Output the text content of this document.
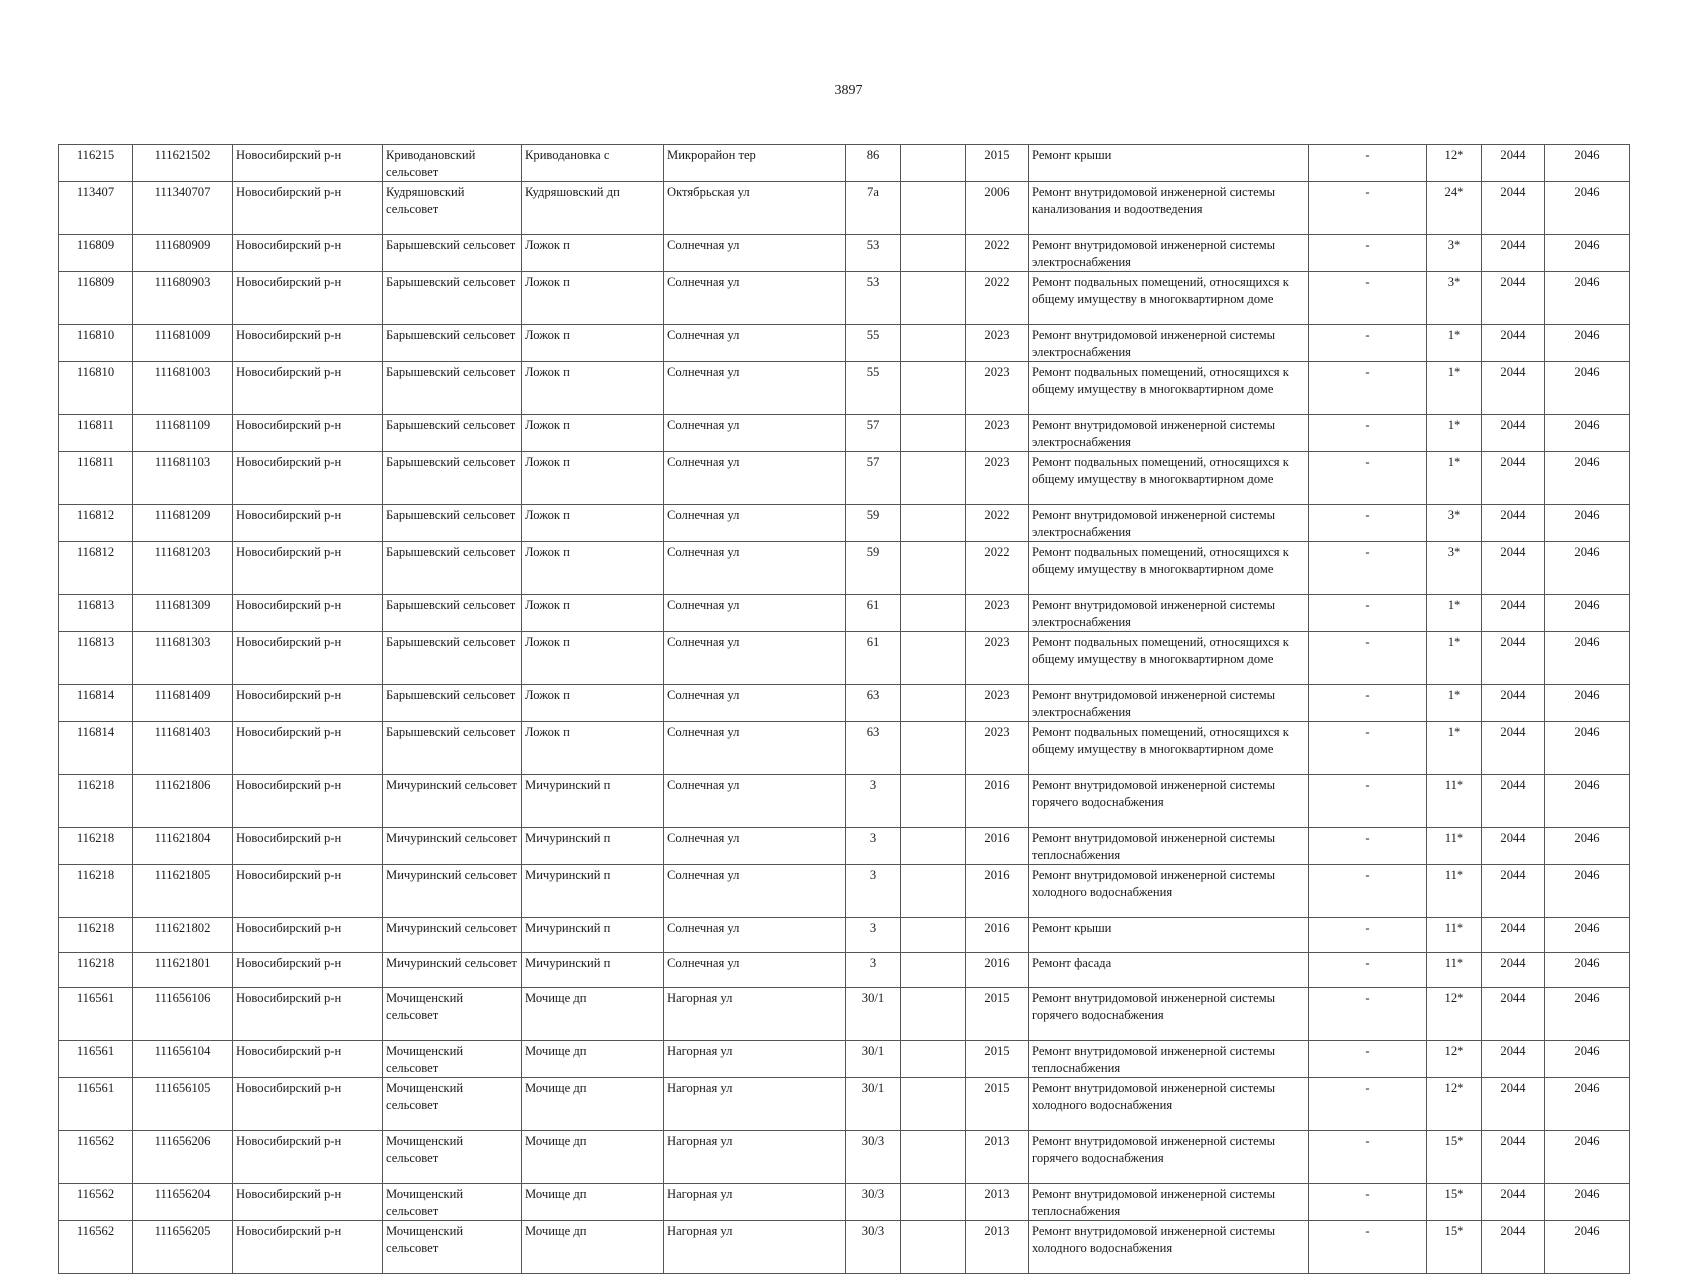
3897
116215	111621502	Новосибирский р-н	Криводановский сельсовет	Криводановка с	Микрорайон тер	86		2015	Ремонт крыши	-	12*	2044	2046
113407	111340707	Новосибирский р-н	Кудряшовский сельсовет	Кудряшовский дп	Октябрьская ул	7а		2006	Ремонт внутридомовой инженерной системы канализования и водоотведения	-	24*	2044	2046
116809	111680909	Новосибирский р-н	Барышевский сельсовет	Ложок п	Солнечная ул	53		2022	Ремонт внутридомовой инженерной системы электроснабжения	-	3*	2044	2046
116809	111680903	Новосибирский р-н	Барышевский сельсовет	Ложок п	Солнечная ул	53		2022	Ремонт подвальных помещений, относящихся к общему имуществу в многоквартирном доме	-	3*	2044	2046
116810	111681009	Новосибирский р-н	Барышевский сельсовет	Ложок п	Солнечная ул	55		2023	Ремонт внутридомовой инженерной системы электроснабжения	-	1*	2044	2046
116810	111681003	Новосибирский р-н	Барышевский сельсовет	Ложок п	Солнечная ул	55		2023	Ремонт подвальных помещений, относящихся к общему имуществу в многоквартирном доме	-	1*	2044	2046
116811	111681109	Новосибирский р-н	Барышевский сельсовет	Ложок п	Солнечная ул	57		2023	Ремонт внутридомовой инженерной системы электроснабжения	-	1*	2044	2046
116811	111681103	Новосибирский р-н	Барышевский сельсовет	Ложок п	Солнечная ул	57		2023	Ремонт подвальных помещений, относящихся к общему имуществу в многоквартирном доме	-	1*	2044	2046
116812	111681209	Новосибирский р-н	Барышевский сельсовет	Ложок п	Солнечная ул	59		2022	Ремонт внутридомовой инженерной системы электроснабжения	-	3*	2044	2046
116812	111681203	Новосибирский р-н	Барышевский сельсовет	Ложок п	Солнечная ул	59		2022	Ремонт подвальных помещений, относящихся к общему имуществу в многоквартирном доме	-	3*	2044	2046
116813	111681309	Новосибирский р-н	Барышевский сельсовет	Ложок п	Солнечная ул	61		2023	Ремонт внутридомовой инженерной системы электроснабжения	-	1*	2044	2046
116813	111681303	Новосибирский р-н	Барышевский сельсовет	Ложок п	Солнечная ул	61		2023	Ремонт подвальных помещений, относящихся к общему имуществу в многоквартирном доме	-	1*	2044	2046
116814	111681409	Новосибирский р-н	Барышевский сельсовет	Ложок п	Солнечная ул	63		2023	Ремонт внутридомовой инженерной системы электроснабжения	-	1*	2044	2046
116814	111681403	Новосибирский р-н	Барышевский сельсовет	Ложок п	Солнечная ул	63		2023	Ремонт подвальных помещений, относящихся к общему имуществу в многоквартирном доме	-	1*	2044	2046
116218	111621806	Новосибирский р-н	Мичуринский сельсовет	Мичуринский п	Солнечная ул	3		2016	Ремонт внутридомовой инженерной системы горячего водоснабжения	-	11*	2044	2046
116218	111621804	Новосибирский р-н	Мичуринский сельсовет	Мичуринский п	Солнечная ул	3		2016	Ремонт внутридомовой инженерной системы теплоснабжения	-	11*	2044	2046
116218	111621805	Новосибирский р-н	Мичуринский сельсовет	Мичуринский п	Солнечная ул	3		2016	Ремонт внутридомовой инженерной системы холодного водоснабжения	-	11*	2044	2046
116218	111621802	Новосибирский р-н	Мичуринский сельсовет	Мичуринский п	Солнечная ул	3		2016	Ремонт крыши	-	11*	2044	2046
116218	111621801	Новосибирский р-н	Мичуринский сельсовет	Мичуринский п	Солнечная ул	3		2016	Ремонт фасада	-	11*	2044	2046
116561	111656106	Новосибирский р-н	Мочищенский сельсовет	Мочище дп	Нагорная ул	30/1		2015	Ремонт внутридомовой инженерной системы горячего водоснабжения	-	12*	2044	2046
116561	111656104	Новосибирский р-н	Мочищенский сельсовет	Мочище дп	Нагорная ул	30/1		2015	Ремонт внутридомовой инженерной системы теплоснабжения	-	12*	2044	2046
116561	111656105	Новосибирский р-н	Мочищенский сельсовет	Мочище дп	Нагорная ул	30/1		2015	Ремонт внутридомовой инженерной системы холодного водоснабжения	-	12*	2044	2046
116562	111656206	Новосибирский р-н	Мочищенский сельсовет	Мочище дп	Нагорная ул	30/3		2013	Ремонт внутридомовой инженерной системы горячего водоснабжения	-	15*	2044	2046
116562	111656204	Новосибирский р-н	Мочищенский сельсовет	Мочище дп	Нагорная ул	30/3		2013	Ремонт внутридомовой инженерной системы теплоснабжения	-	15*	2044	2046
116562	111656205	Новосибирский р-н	Мочищенский сельсовет	Мочище дп	Нагорная ул	30/3		2013	Ремонт внутридомовой инженерной системы холодного водоснабжения	-	15*	2044	2046
